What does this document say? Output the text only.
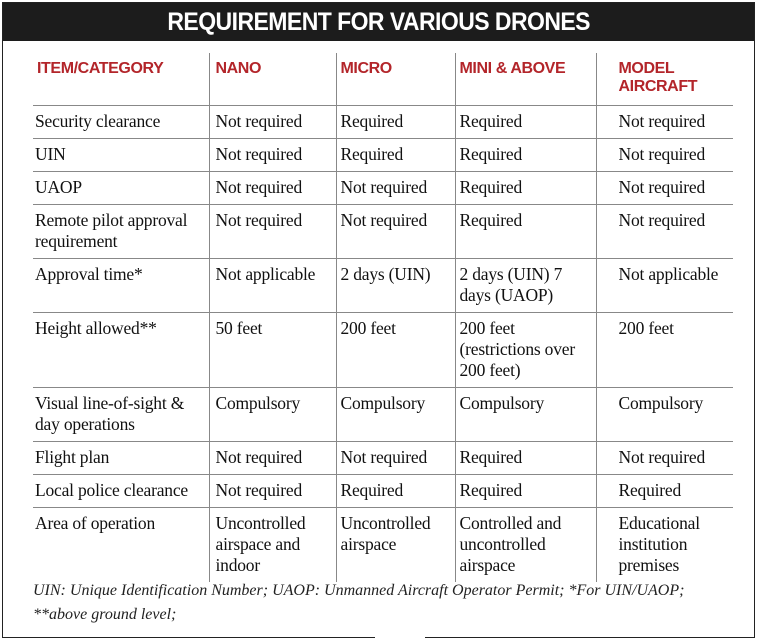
REQUIREMENT FOR VARIOUS DRONES
ITEM/CATEGORY	NANO	MICRO	MINI & ABOVE	MODEL AIRCRAFT
Security clearance	Not required	Required	Required	Not required
UIN	Not required	Required	Required	Not required
UAOP	Not required	Not required	Required	Not required
Remote pilot approval requirement	Not required	Not required	Required	Not required
Approval time*	Not applicable	2 days (UIN)	2 days (UIN) 7 days (UAOP)	Not applicable
Height allowed**	50 feet	200 feet	200 feet (restrictions over 200 feet)	200 feet
Visual line-of-sight & day operations	Compulsory	Compulsory	Compulsory	Compulsory
Flight plan	Not required	Not required	Required	Not required
Local police clearance	Not required	Required	Required	Required
Area of operation	Uncontrolled airspace and indoor	Uncontrolled airspace	Controlled and uncontrolled airspace	Educational institution premises
UIN: Unique Identification Number; UAOP: Unmanned Aircraft Operator Permit; *For UIN/UAOP; **above ground level;
